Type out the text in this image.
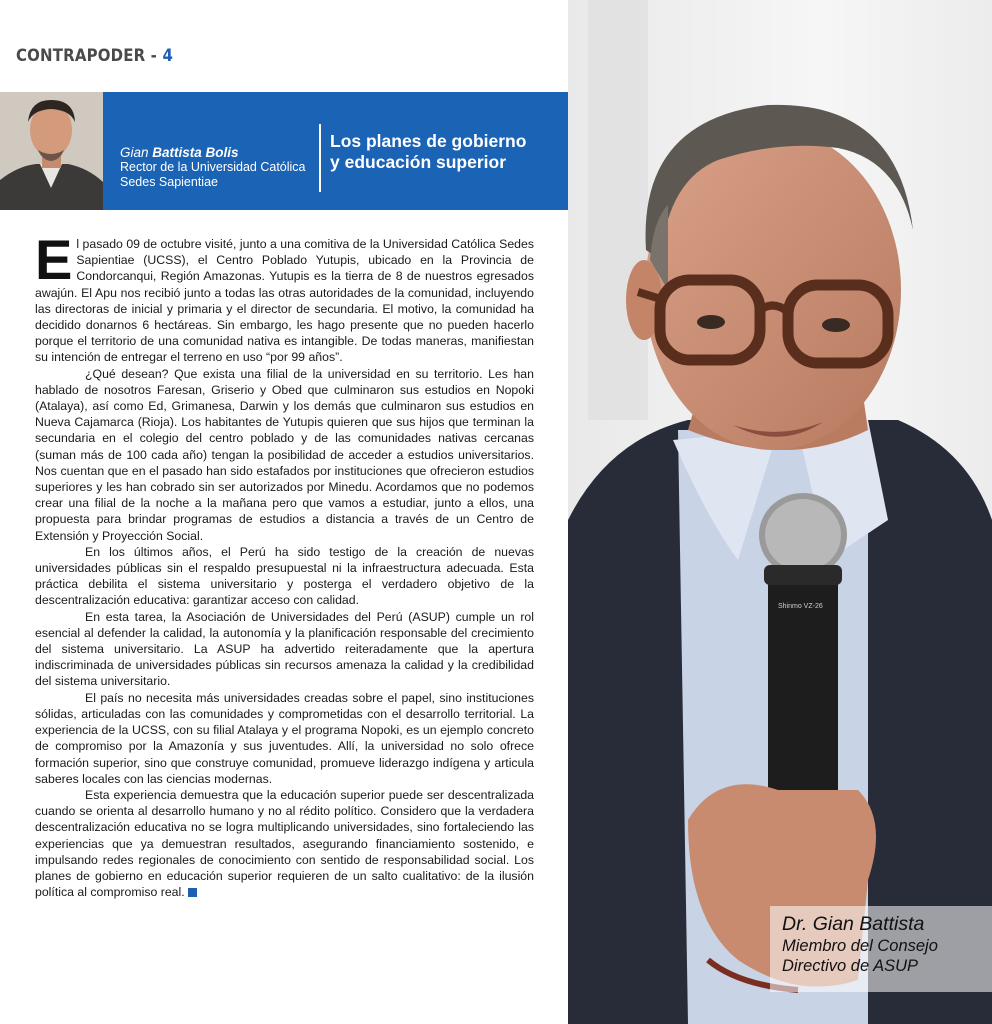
CONTRAPODER - 4
Gian Battista Bolis
Rector de la Universidad Católica
Sedes Sapientiae
Los planes de gobierno
y educación superior

El pasado 09 de octubre visité, junto a una comitiva de la Universidad Católica Sedes Sapientiae (UCSS), el Centro Poblado Yutupis, ubicado en la Provincia de Condorcanqui, Región Amazonas. Yutupis es la tierra de 8 de nuestros egresados awajún. El Apu nos recibió junto a todas las otras autoridades de la comunidad, incluyendo las directoras de inicial y primaria y el director de secundaria. El motivo, la comunidad ha decidido donarnos 6 hectáreas. Sin embargo, les hago presente que no pueden hacerlo porque el territorio de una comunidad nativa es intangible. De todas maneras, manifiestan su intención de entregar el terreno en uso “por 99 años”.

¿Qué desean? Que exista una filial de la universidad en su territorio. Les han hablado de nosotros Faresan, Griserio y Obed que culminaron sus estudios en Nopoki (Atalaya), así como Ed, Grimanesa, Darwin y los demás que culminaron sus estudios en Nueva Cajamarca (Rioja). Los habitantes de Yutupis quieren que sus hijos que terminan la secundaria en el colegio del centro poblado y de las comunidades nativas cercanas (suman más de 100 cada año) tengan la posibilidad de acceder a estudios universitarios. Nos cuentan que en el pasado han sido estafados por instituciones que ofrecieron estudios superiores y les han cobrado sin ser autorizados por Minedu. Acordamos que no podemos crear una filial de la noche a la mañana pero que vamos a estudiar, junto a ellos, una propuesta para brindar programas de estudios a distancia a través de un Centro de Extensión y Proyección Social.

En los últimos años, el Perú ha sido testigo de la creación de nuevas universidades públicas sin el respaldo presupuestal ni la infraestructura adecuada. Esta práctica debilita el sistema universitario y posterga el verdadero objetivo de la descentralización educativa: garantizar acceso con calidad.

En esta tarea, la Asociación de Universidades del Perú (ASUP) cumple un rol esencial al defender la calidad, la autonomía y la planificación responsable del crecimiento del sistema universitario. La ASUP ha advertido reiteradamente que la apertura indiscriminada de universidades públicas sin recursos amenaza la calidad y la credibilidad del sistema universitario.

El país no necesita más universidades creadas sobre el papel, sino instituciones sólidas, articuladas con las comunidades y comprometidas con el desarrollo territorial. La experiencia de la UCSS, con su filial Atalaya y el programa Nopoki, es un ejemplo concreto de compromiso por la Amazonía y sus juventudes. Allí, la universidad no solo ofrece formación superior, sino que construye comunidad, promueve liderazgo indígena y articula saberes locales con las ciencias modernas.

Esta experiencia demuestra que la educación superior puede ser descentralizada cuando se orienta al desarrollo humano y no al rédito político. Considero que la verdadera descentralización educativa no se logra multiplicando universidades, sino fortaleciendo las experiencias que ya demuestran resultados, asegurando financiamiento sostenido, e impulsando redes regionales de conocimiento con sentido de responsabilidad social. Los planes de gobierno en educación superior requieren de un salto cualitativo: de la ilusión política al compromiso real.

Shinmo VZ-26
Dr. Gian Battista
Miembro del Consejo
Directivo de ASUP
